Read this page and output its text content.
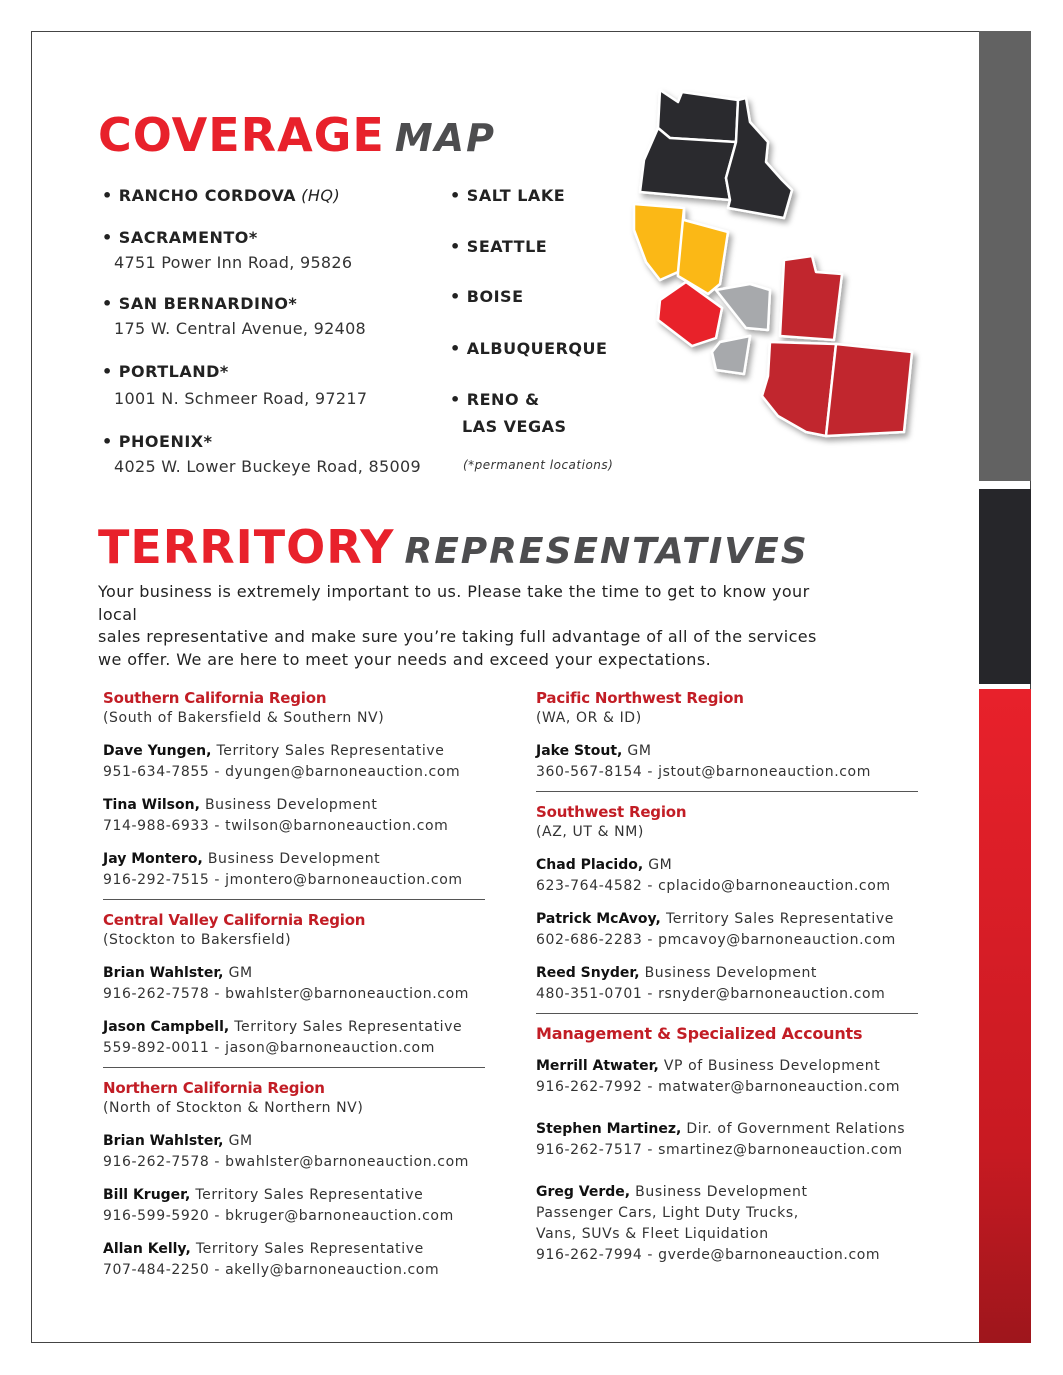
COVERAGE MAP
• RANCHO CORDOVA (HQ)
• SACRAMENTO*
4751 Power Inn Road, 95826
• SAN BERNARDINO*
175 W. Central Avenue, 92408
• PORTLAND*
1001 N. Schmeer Road, 97217
• PHOENIX*
4025 W. Lower Buckeye Road, 85009
• SALT LAKE
• SEATTLE
• BOISE
• ALBUQUERQUE
• RENO &
LAS VEGAS
(*permanent locations)
TERRITORY REPRESENTATIVES
Your business is extremely important to us. Please take the time to get to know your local
sales representative and make sure you’re taking full advantage of all of the services
we offer. We are here to meet your needs and exceed your expectations.
Southern California Region
(South of Bakersfield & Southern NV)
Dave Yungen, Territory Sales Representative
951-634-7855 - dyungen@barnoneauction.com
Tina Wilson, Business Development
714-988-6933 - twilson@barnoneauction.com
Jay Montero, Business Development
916-292-7515 - jmontero@barnoneauction.com
Central Valley California Region
(Stockton to Bakersfield)
Brian Wahlster, GM
916-262-7578 - bwahlster@barnoneauction.com
Jason Campbell, Territory Sales Representative
559-892-0011 - jason@barnoneauction.com
Northern California Region
(North of Stockton & Northern NV)
Brian Wahlster, GM
916-262-7578 - bwahlster@barnoneauction.com
Bill Kruger, Territory Sales Representative
916-599-5920 - bkruger@barnoneauction.com
Allan Kelly, Territory Sales Representative
707-484-2250 - akelly@barnoneauction.com
Pacific Northwest Region
(WA, OR & ID)
Jake Stout, GM
360-567-8154 - jstout@barnoneauction.com
Southwest Region
(AZ, UT & NM)
Chad Placido, GM
623-764-4582 - cplacido@barnoneauction.com
Patrick McAvoy, Territory Sales Representative
602-686-2283 - pmcavoy@barnoneauction.com
Reed Snyder, Business Development
480-351-0701 - rsnyder@barnoneauction.com
Management & Specialized Accounts
Merrill Atwater, VP of Business Development
916-262-7992 - matwater@barnoneauction.com
Stephen Martinez, Dir. of Government Relations
916-262-7517 - smartinez@barnoneauction.com
Greg Verde, Business Development
Passenger Cars, Light Duty Trucks,
Vans, SUVs & Fleet Liquidation
916-262-7994 - gverde@barnoneauction.com
